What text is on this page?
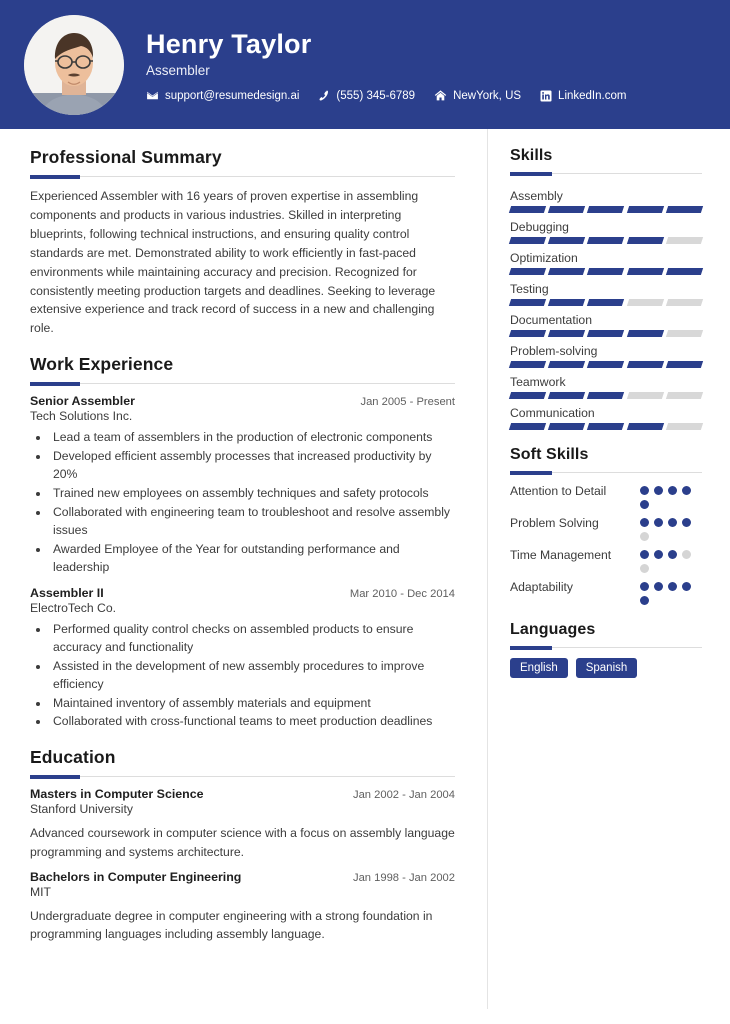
Henry Taylor
Assembler
support@resumedesign.ai	(555) 345-6789	NewYork, US	LinkedIn.com
Professional Summary
Experienced Assembler with 16 years of proven expertise in assembling components and products in various industries. Skilled in interpreting blueprints, following technical instructions, and ensuring quality control standards are met. Demonstrated ability to work efficiently in fast-paced environments while maintaining accuracy and precision. Recognized for consistently meeting production targets and deadlines. Seeking to leverage extensive experience and track record of success in a new and challenging role.
Work Experience
Senior Assembler	Jan 2005 - Present
Tech Solutions Inc.
• Lead a team of assemblers in the production of electronic components
• Developed efficient assembly processes that increased productivity by 20%
• Trained new employees on assembly techniques and safety protocols
• Collaborated with engineering team to troubleshoot and resolve assembly issues
• Awarded Employee of the Year for outstanding performance and leadership
Assembler II	Mar 2010 - Dec 2014
ElectroTech Co.
• Performed quality control checks on assembled products to ensure accuracy and functionality
• Assisted in the development of new assembly procedures to improve efficiency
• Maintained inventory of assembly materials and equipment
• Collaborated with cross-functional teams to meet production deadlines
Education
Masters in Computer Science	Jan 2002 - Jan 2004
Stanford University
Advanced coursework in computer science with a focus on assembly language programming and systems architecture.
Bachelors in Computer Engineering	Jan 1998 - Jan 2002
MIT
Undergraduate degree in computer engineering with a strong foundation in programming languages including assembly language.
Skills
Assembly
Debugging
Optimization
Testing
Documentation
Problem-solving
Teamwork
Communication
Soft Skills
Attention to Detail
Problem Solving
Time Management
Adaptability
Languages
English	Spanish
